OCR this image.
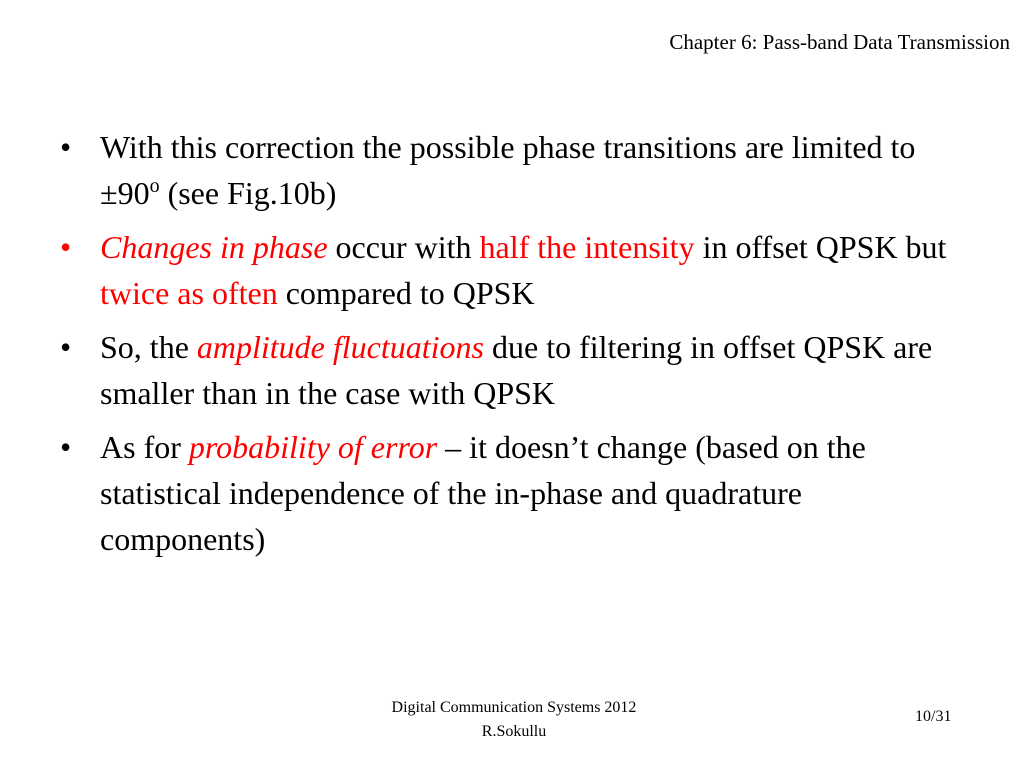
Chapter 6: Pass-band Data Transmission
• With this correction the possible phase transitions are limited to $\pm 90^o$ (see Fig.10b)
• Changes in phase occur with half the intensity in offset QPSK but twice as often compared to QPSK
• So, the amplitude fluctuations due to filtering in offset QPSK are smaller than in the case with QPSK
• As for probability of error – it doesn’t change (based on the statistical independence of the in-phase and quadrature components)
Digital Communication Systems 2012
R.Sokullu
10/31
